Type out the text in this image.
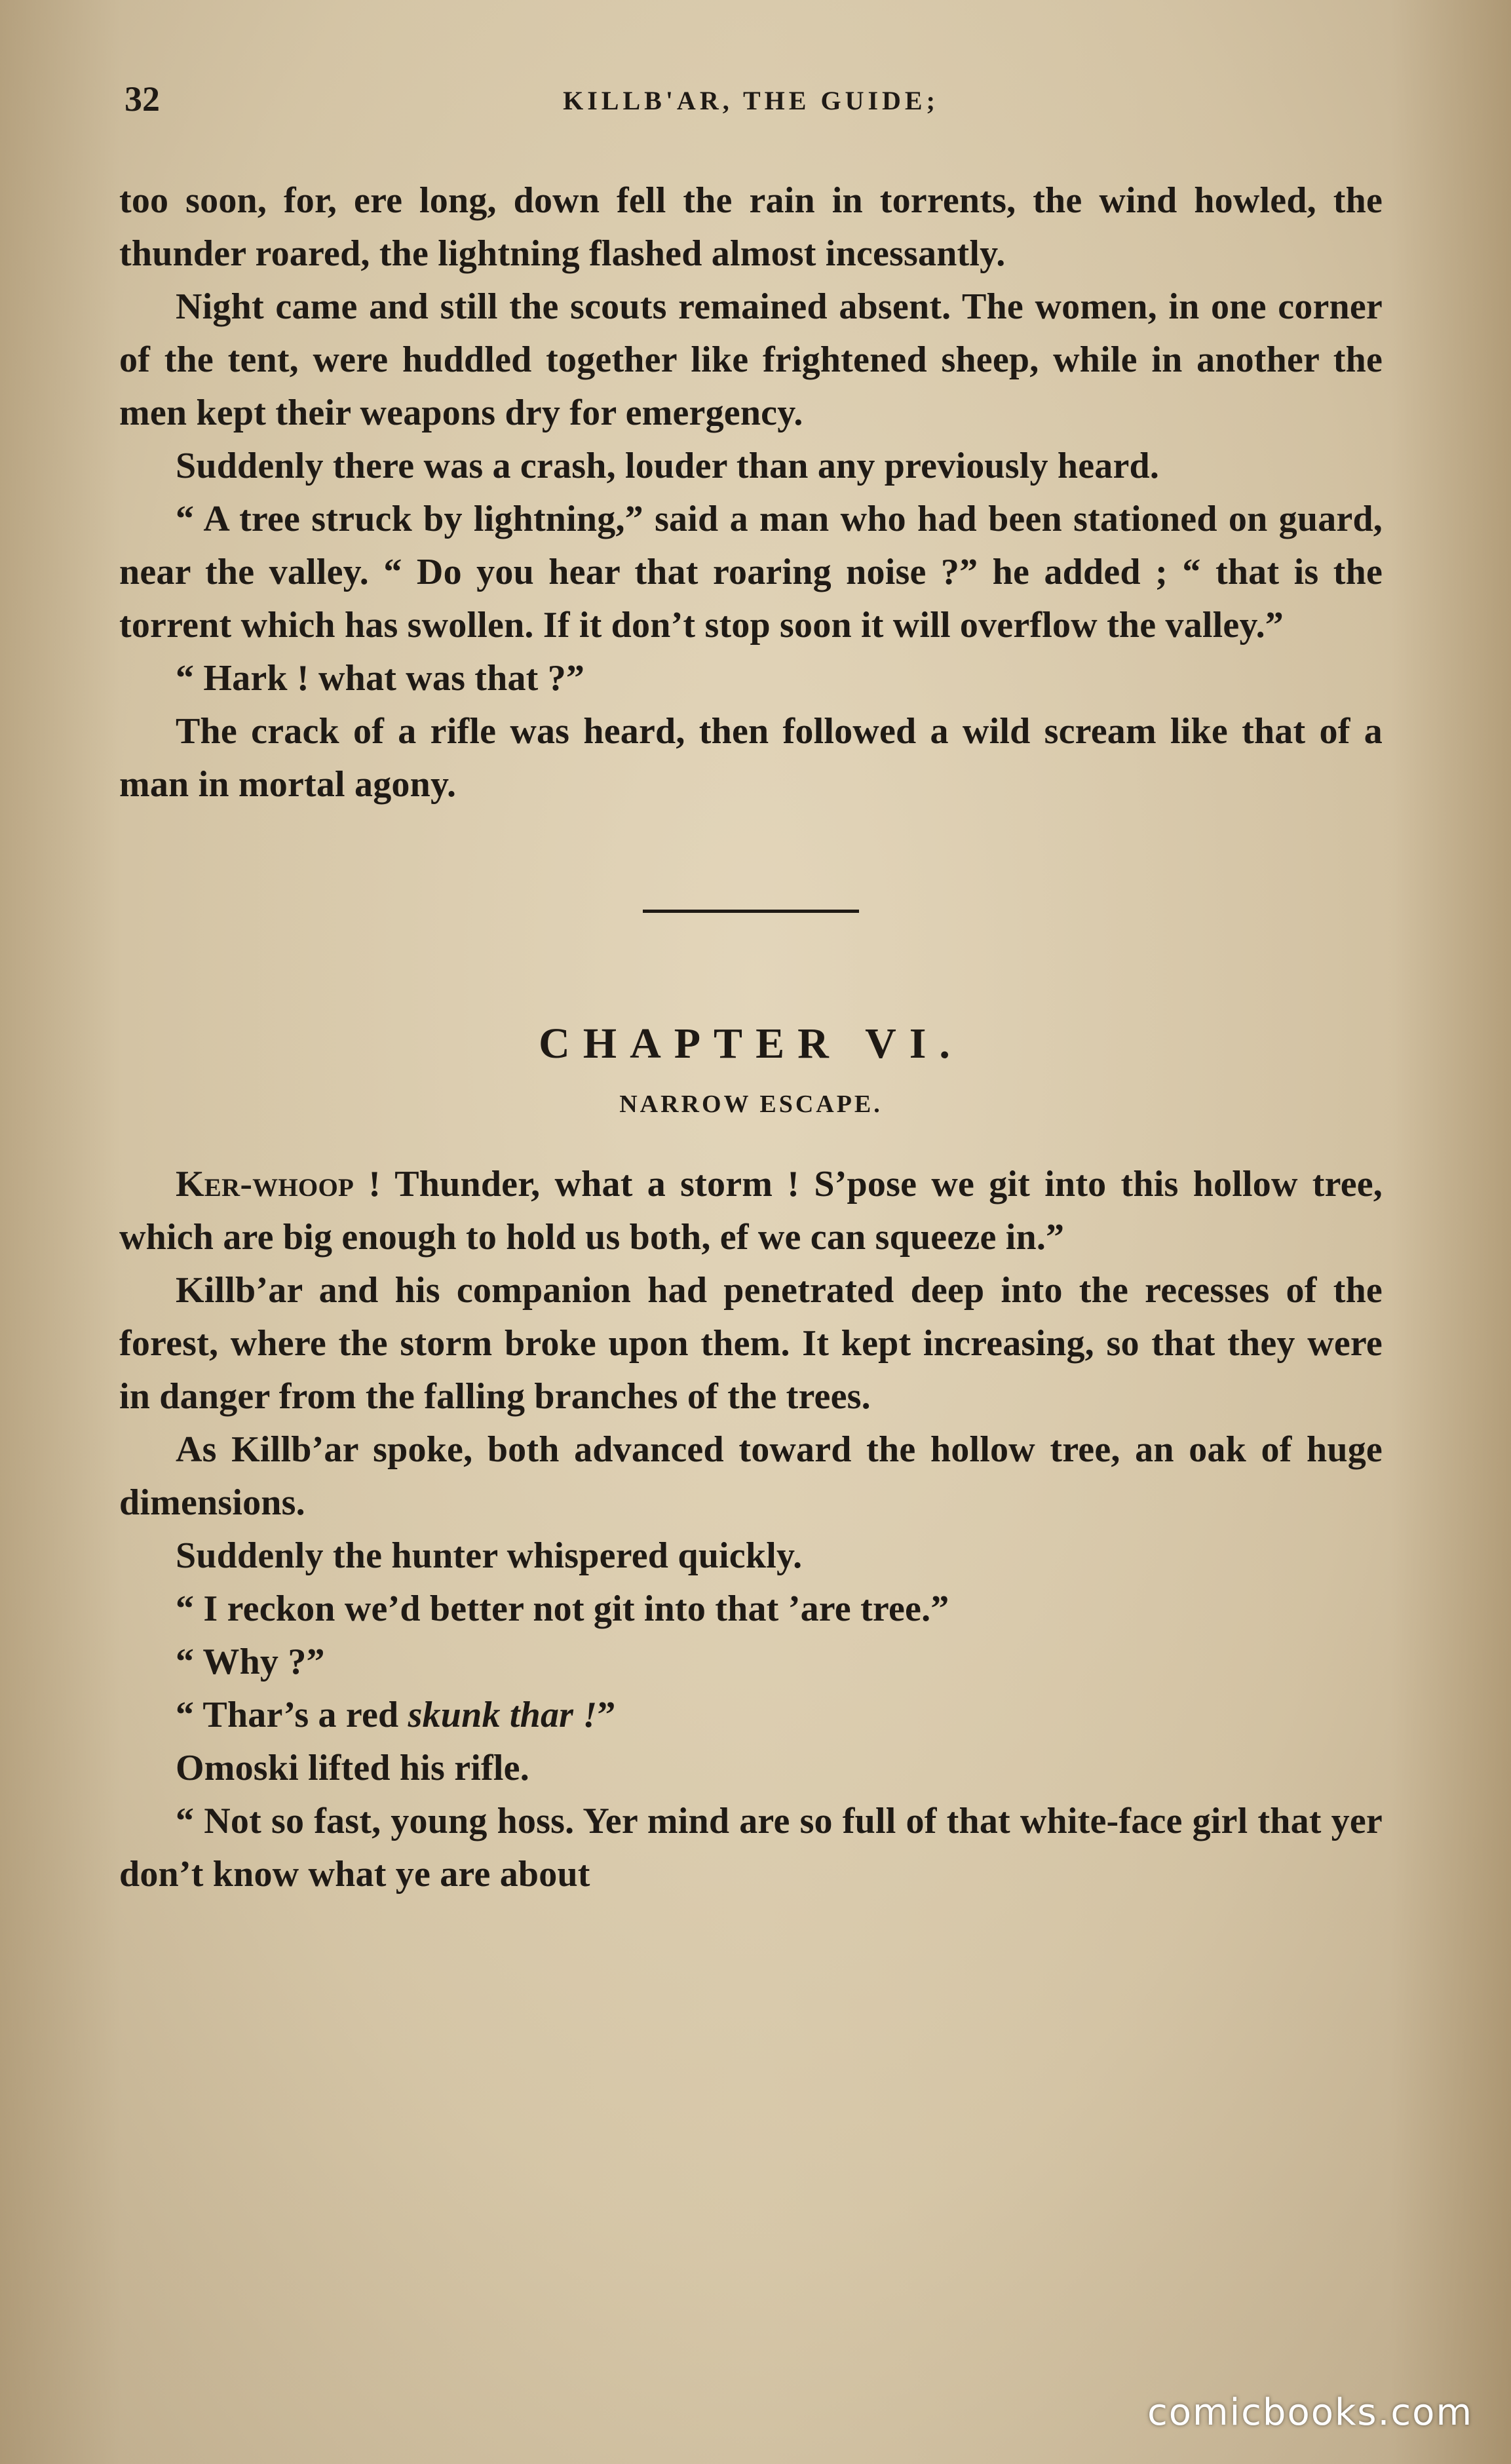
32	KILLB'AR, THE GUIDE;

too soon, for, ere long, down fell the rain in torrents, the wind howled, the thunder roared, the lightning flashed almost incessantly.

Night came and still the scouts remained absent. The women, in one corner of the tent, were huddled together like frightened sheep, while in another the men kept their weapons dry for emergency.

Suddenly there was a crash, louder than any previously heard.

“ A tree struck by lightning,” said a man who had been stationed on guard, near the valley. “ Do you hear that roaring noise ?” he added ; “ that is the torrent which has swollen. If it don’t stop soon it will overflow the valley.”

“ Hark ! what was that ?”

The crack of a rifle was heard, then followed a wild scream like that of a man in mortal agony.

CHAPTER VI.
NARROW ESCAPE.

Ker-whoop ! Thunder, what a storm ! S’pose we git into this hollow tree, which are big enough to hold us both, ef we can squeeze in.”

Killb’ar and his companion had penetrated deep into the recesses of the forest, where the storm broke upon them. It kept increasing, so that they were in danger from the falling branches of the trees.

As Killb’ar spoke, both advanced toward the hollow tree, an oak of huge dimensions.

Suddenly the hunter whispered quickly.

“ I reckon we’d better not git into that ’are tree.”

“ Why ?”

“ Thar’s a red skunk thar !”

Omoski lifted his rifle.

“ Not so fast, young hoss. Yer mind are so full of that white-face girl that yer don’t know what ye are about

comicbooks.com
